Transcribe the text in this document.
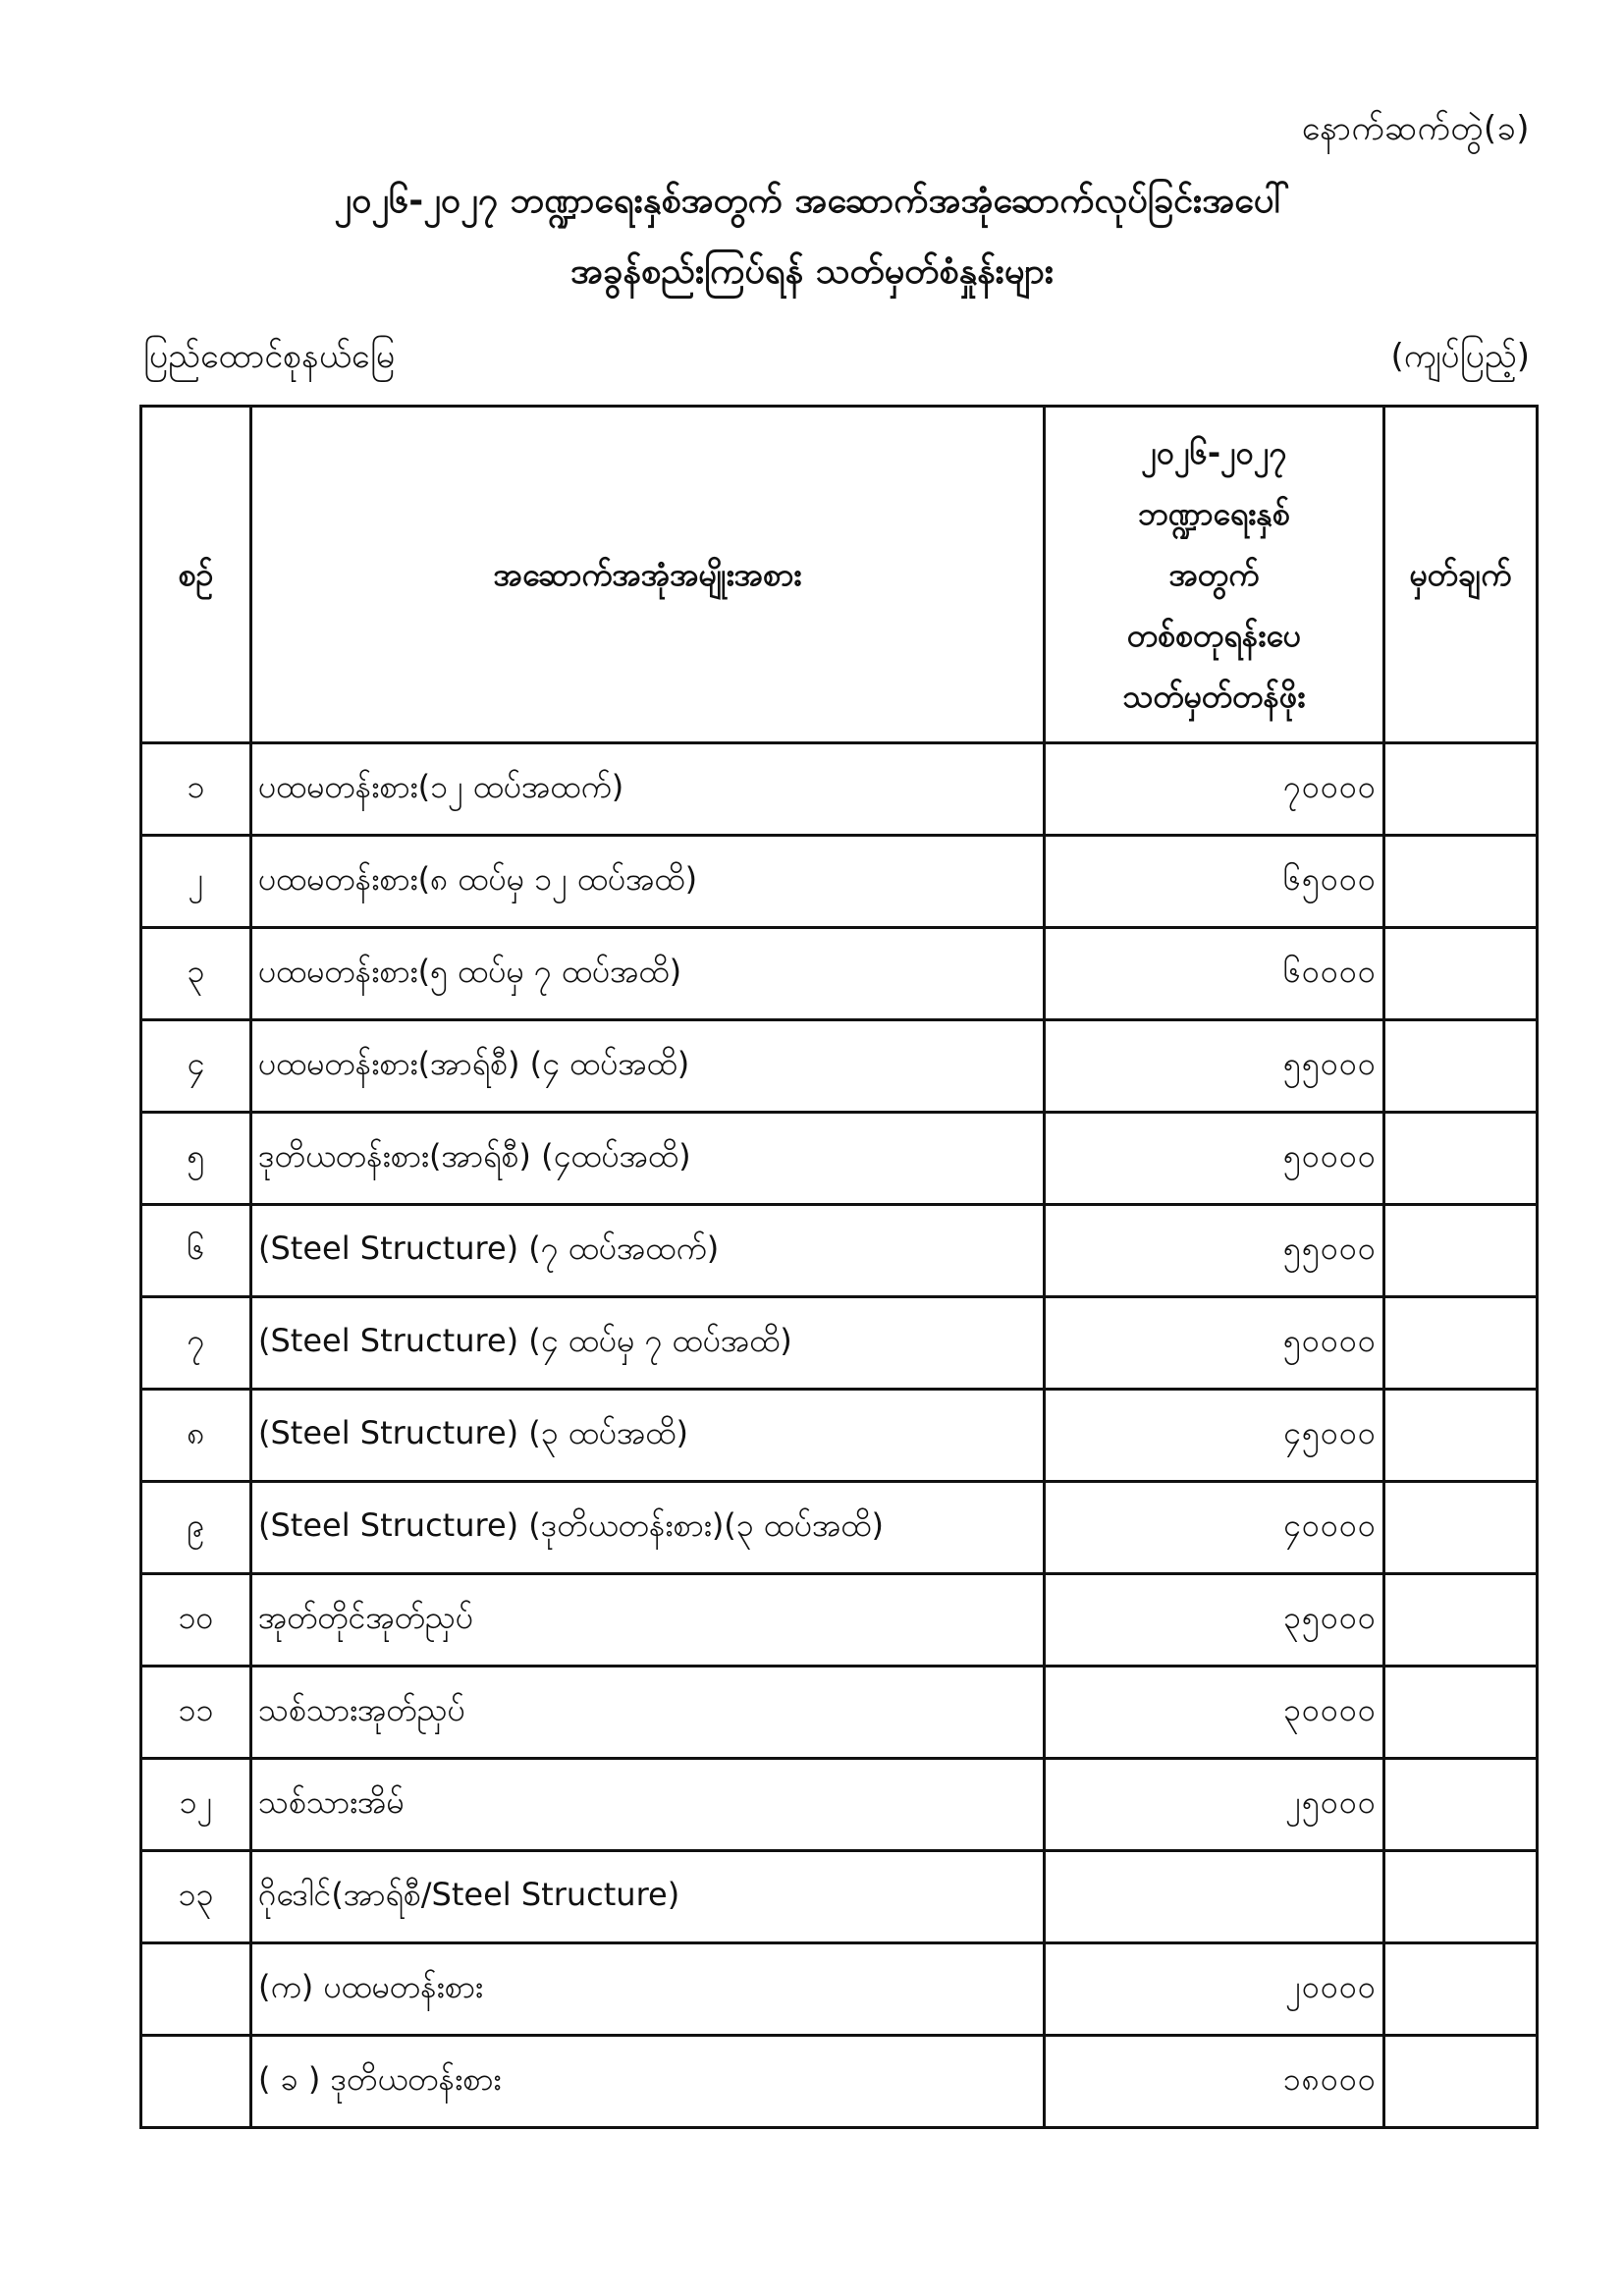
နောက်ဆက်တွဲ(ခ)
၂၀၂၆-၂၀၂၇ ဘဏ္ဍာရေးနှစ်အတွက် အဆောက်အအုံဆောက်လုပ်ခြင်းအပေါ်
အခွန်စည်းကြပ်ရန် သတ်မှတ်စံနှုန်းများ
ပြည်ထောင်စုနယ်မြေ	(ကျပ်ပြည့်)
စဉ်	အဆောက်အအုံအမျိုးအစား	၂၀၂၆-၂၀၂၇
ဘဏ္ဍာရေးနှစ်
အတွက်
တစ်စတုရန်းပေ
သတ်မှတ်တန်ဖိုး	မှတ်ချက်
၁	ပထမတန်းစား(၁၂ ထပ်အထက်)	၇၀၀၀၀	
၂	ပထမတန်းစား(၈ ထပ်မှ ၁၂ ထပ်အထိ)	၆၅၀၀၀	
၃	ပထမတန်းစား(၅ ထပ်မှ ၇ ထပ်အထိ)	၆၀၀၀၀	
၄	ပထမတန်းစား(အာရ်စီ) (၄ ထပ်အထိ)	၅၅၀၀၀	
၅	ဒုတိယတန်းစား(အာရ်စီ) (၄ထပ်အထိ)	၅၀၀၀၀	
၆	(Steel Structure) (၇ ထပ်အထက်)	၅၅၀၀၀	
၇	(Steel Structure) (၄ ထပ်မှ ၇ ထပ်အထိ)	၅၀၀၀၀	
၈	(Steel Structure) (၃ ထပ်အထိ)	၄၅၀၀၀	
၉	(Steel Structure) (ဒုတိယတန်းစား)(၃ ထပ်အထိ)	၄၀၀၀၀	
၁၀	အုတ်တိုင်အုတ်ညှပ်	၃၅၀၀၀	
၁၁	သစ်သားအုတ်ညှပ်	၃၀၀၀၀	
၁၂	သစ်သားအိမ်	၂၅၀၀၀	
၁၃	ဂိုဒေါင်(အာရ်စီ/Steel Structure)		
	(က) ပထမတန်းစား	၂၀၀၀၀	
	( ခ ) ဒုတိယတန်းစား	၁၈၀၀၀	
